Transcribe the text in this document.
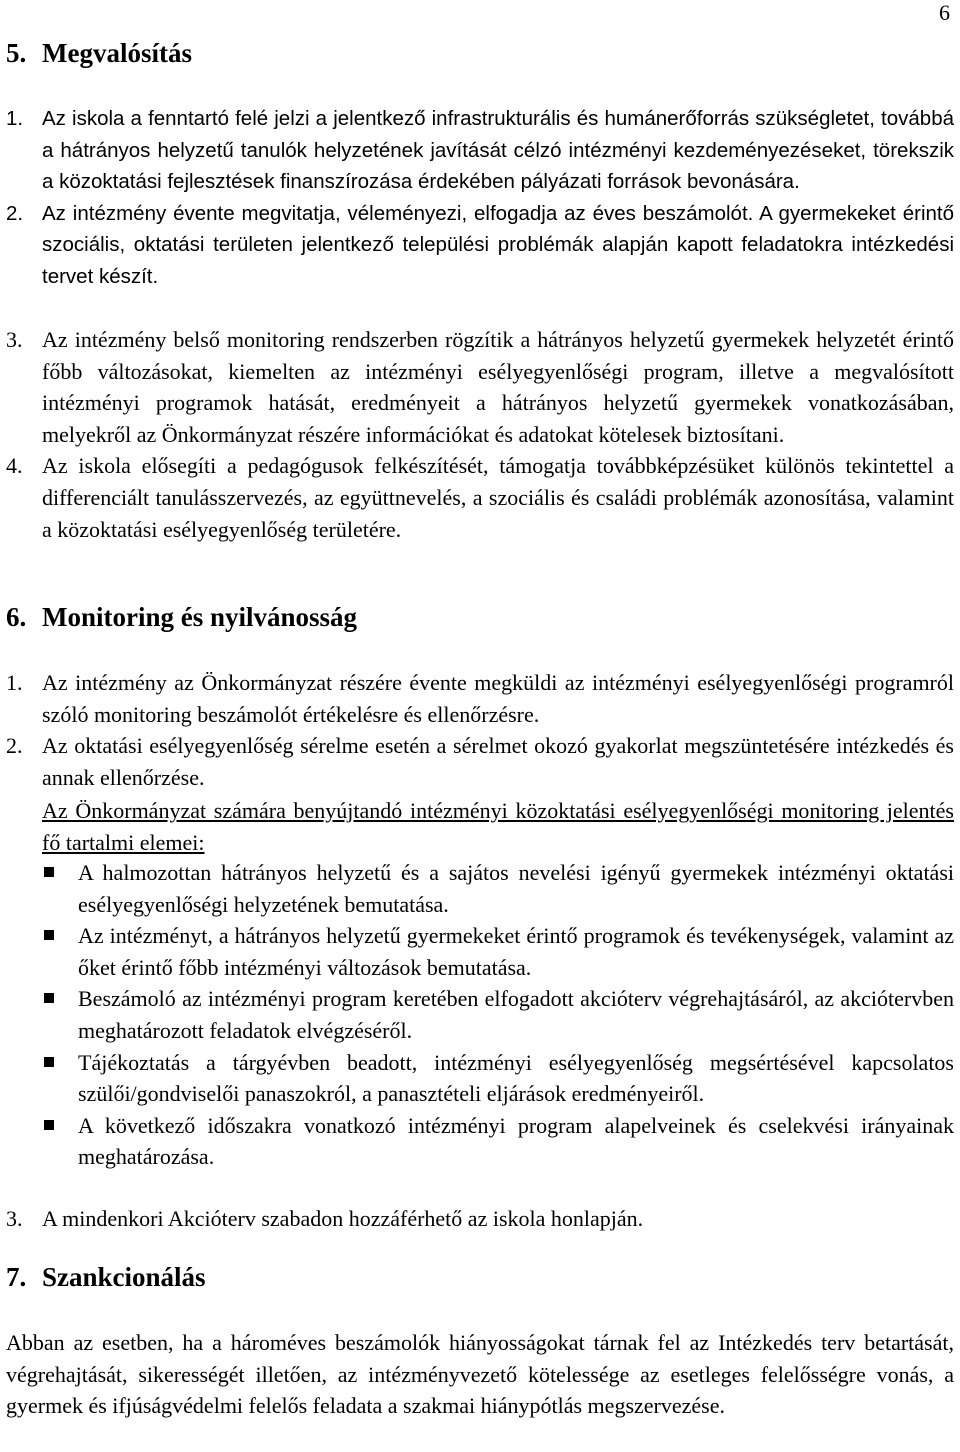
6
5. Megvalósítás
1. Az iskola a fenntartó felé jelzi a jelentkező infrastrukturális és humánerőforrás szükségletet, továbbá a hátrányos helyzetű tanulók helyzetének javítását célzó intézményi kezdeményezéseket, törekszik a közoktatási fejlesztések finanszírozása érdekében pályázati források bevonására.
2. Az intézmény évente megvitatja, véleményezi, elfogadja az éves beszámolót. A gyermekeket érintő szociális, oktatási területen jelentkező települési problémák alapján kapott feladatokra intézkedési tervet készít.
3. Az intézmény belső monitoring rendszerben rögzítik a hátrányos helyzetű gyermekek helyzetét érintő főbb változásokat, kiemelten az intézményi esélyegyenlőségi program, illetve a megvalósított intézményi programok hatását, eredményeit a hátrányos helyzetű gyermekek vonatkozásában, melyekről az Önkormányzat részére információkat és adatokat kötelesek biztosítani.
4. Az iskola elősegíti a pedagógusok felkészítését, támogatja továbbképzésüket különös tekintettel a differenciált tanulásszervezés, az együttnevelés, a szociális és családi problémák azonosítása, valamint a közoktatási esélyegyenlőség területére.
6. Monitoring és nyilvánosság
1. Az intézmény az Önkormányzat részére évente megküldi az intézményi esélyegyenlőségi programról szóló monitoring beszámolót értékelésre és ellenőrzésre.
2. Az oktatási esélyegyenlőség sérelme esetén a sérelmet okozó gyakorlat megszüntetésére intézkedés és annak ellenőrzése.
Az Önkormányzat számára benyújtandó intézményi közoktatási esélyegyenlőségi monitoring jelentés fő tartalmi elemei:
A halmozottan hátrányos helyzetű és a sajátos nevelési igényű gyermekek intézményi oktatási esélyegyenlőségi helyzetének bemutatása.
Az intézményt, a hátrányos helyzetű gyermekeket érintő programok és tevékenységek, valamint az őket érintő főbb intézményi változások bemutatása.
Beszámoló az intézményi program keretében elfogadott akcióterv végrehajtásáról, az akciótervben meghatározott feladatok elvégzéséről.
Tájékoztatás a tárgyévben beadott, intézményi esélyegyenlőség megsértésével kapcsolatos szülői/gondviselői panaszokról, a panasztételi eljárások eredményeiről.
A következő időszakra vonatkozó intézményi program alapelveinek és cselekvési irányainak meghatározása.
3. A mindenkori Akcióterv szabadon hozzáférhető az iskola honlapján.
7. Szankcionálás

Abban az esetben, ha a hároméves beszámolók hiányosságokat tárnak fel az Intézkedés terv betartását, végrehajtását, sikerességét illetően, az intézményvezető kötelessége az esetleges felelősségre vonás, a gyermek és ifjúságvédelmi felelős feladata a szakmai hiánypótlás megszervezése.
